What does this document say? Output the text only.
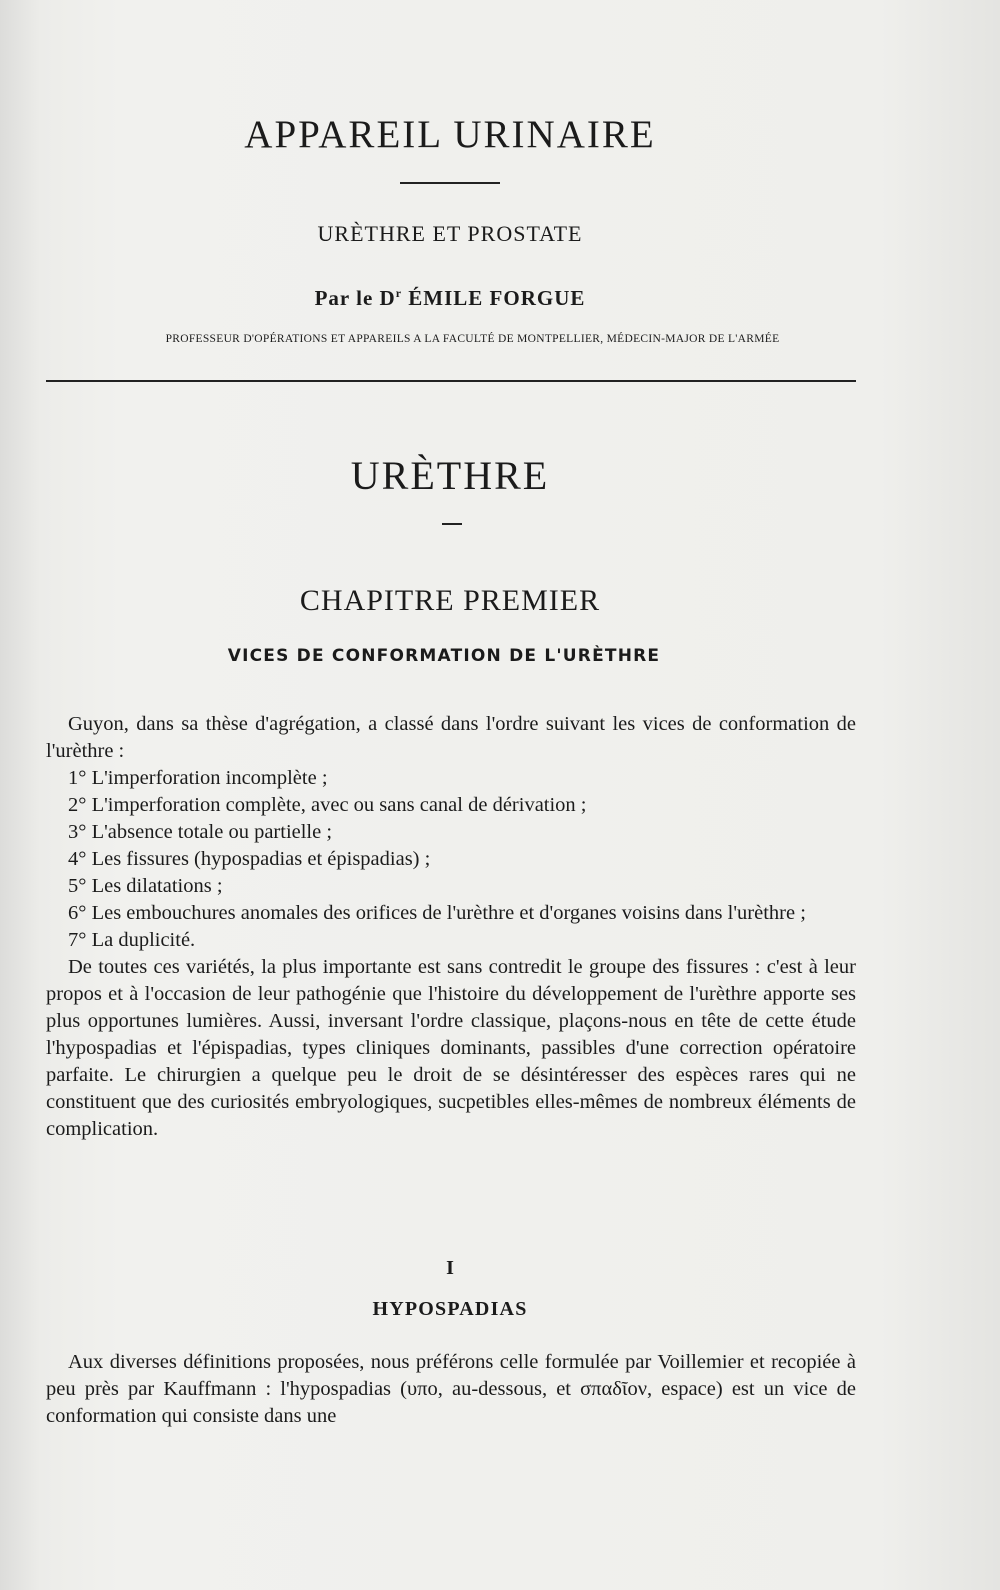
APPAREIL URINAIRE
URÈTHRE ET PROSTATE
Par le $D^r$ ÉMILE FORGUE
PROFESSEUR D'OPÉRATIONS ET APPAREILS A LA FACULTÉ DE MONTPELLIER, MÉDECIN-MAJOR DE L'ARMÉE
URÈTHRE
CHAPITRE PREMIER
VICES DE CONFORMATION DE L'URÈTHRE

Guyon, dans sa thèse d'agrégation, a classé dans l'ordre suivant les vices de conformation de l'urèthre :

1° L'imperforation incomplète ;

2° L'imperforation complète, avec ou sans canal de dérivation ;

3° L'absence totale ou partielle ;

4° Les fissures (hypospadias et épispadias) ;

5° Les dilatations ;

6° Les embouchures anomales des orifices de l'urèthre et d'organes voisins dans l'urèthre ;

7° La duplicité.

De toutes ces variétés, la plus importante est sans contredit le groupe des fissures : c'est à leur propos et à l'occasion de leur pathogénie que l'histoire du développement de l'urèthre apporte ses plus opportunes lumières. Aussi, inversant l'ordre classique, plaçons-nous en tête de cette étude l'hypospadias et l'épispadias, types cliniques dominants, passibles d'une correction opératoire parfaite. Le chirurgien a quelque peu le droit de se désintéresser des espèces rares qui ne constituent que des curiosités embryologiques, sucpetibles elles-mêmes de nombreux éléments de complication.

I
HYPOSPADIAS

Aux diverses définitions proposées, nous préférons celle formulée par Voillemier et recopiée à peu près par Kauffmann : l'hypospadias (υπο, au-dessous, et σπαδῖον, espace) est un vice de conformation qui consiste dans une
